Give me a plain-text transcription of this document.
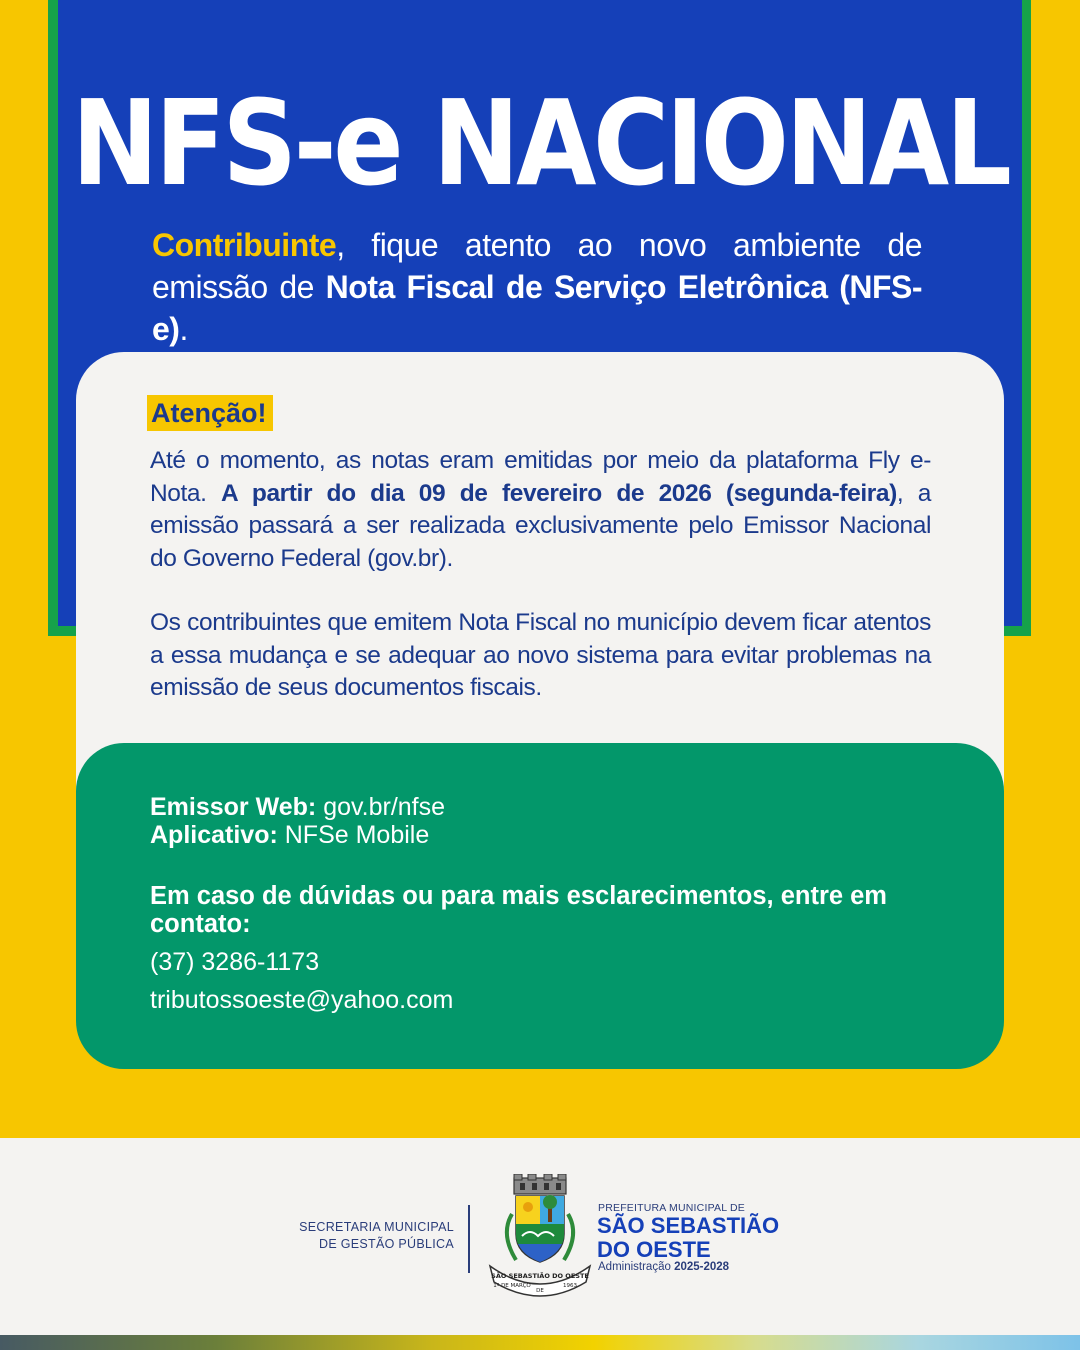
NFS-e NACIONAL

Contribuinte, fique atento ao novo ambiente de emissão de Nota Fiscal de Serviço Eletrônica (NFS-e).

Atenção!

Até o momento, as notas eram emitidas por meio da plataforma Fly e-Nota. A partir do dia 09 de fevereiro de 2026 (segunda-feira), a emissão passará a ser realizada exclusivamente pelo Emissor Nacional do Governo Federal (gov.br).

Os contribuintes que emitem Nota Fiscal no município devem ficar atentos a essa mudança e se adequar ao novo sistema para evitar problemas na emissão de seus documentos fiscais.

Emissor Web: gov.br/nfse

Aplicativo: NFSe Mobile

Em caso de dúvidas ou para mais esclarecimentos, entre em contato:

(37) 3286-1173

tributossoeste@yahoo.com

SECRETARIA MUNICIPAL
DE GESTÃO PÚBLICA

SÃO SEBASTIÃO DO OESTE
1º DE MARÇO
DE
1963

PREFEITURA MUNICIPAL DE

SÃO SEBASTIÃO

DO OESTE

Administração 2025-2028
